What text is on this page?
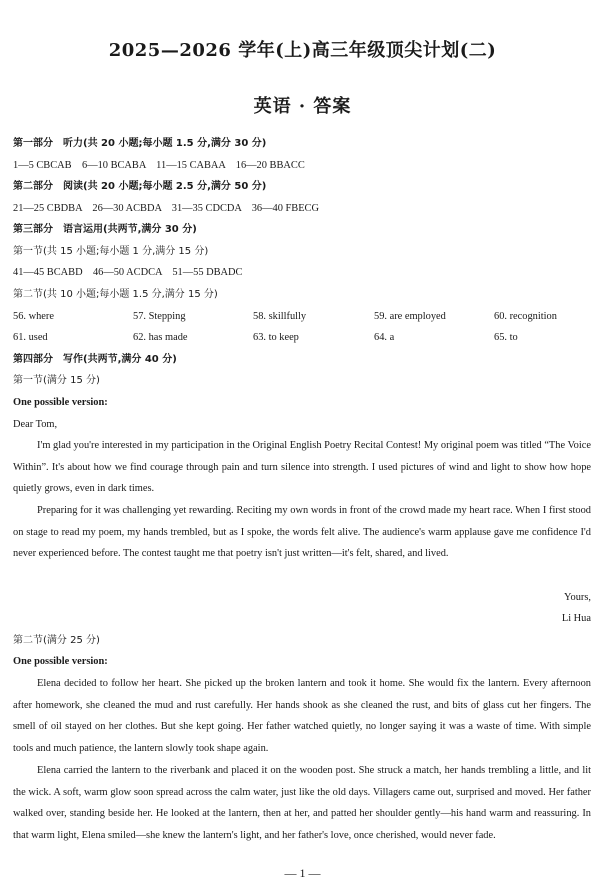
2025—2026 学年(上)高三年级顶尖计划(二)
英语 · 答案
第一部分　听力(共 20 小题;每小题 1.5 分,满分 30 分)
1—5 CBCAB　6—10 BCABA　11—15 CABAA　16—20 BBACC
第二部分　阅读(共 20 小题;每小题 2.5 分,满分 50 分)
21—25 CBDBA　26—30 ACBDA　31—35 CDCDA　36—40 FBECG
第三部分　语言运用(共两节,满分 30 分)
第一节(共 15 小题;每小题 1 分,满分 15 分)
41—45 BCABD　46—50 ACDCA　51—55 DBADC
第二节(共 10 小题;每小题 1.5 分,满分 15 分)
56. where	57. Stepping	58. skillfully	59. are employed	60. recognition
61. used	62. has made	63. to keep	64. a	65. to
第四部分　写作(共两节,满分 40 分)
第一节(满分 15 分)
One possible version:
Dear Tom,
I'm glad you're interested in my participation in the Original English Poetry Recital Contest! My original poem was titled “The Voice Within”. It's about how we find courage through pain and turn silence into strength. I used pictures of wind and light to show how hope quietly grows, even in dark times.
Preparing for it was challenging yet rewarding. Reciting my own words in front of the crowd made my heart race. When I first stood on stage to read my poem, my hands trembled, but as I spoke, the words felt alive. The audience's warm applause gave me confidence I'd never experienced before. The contest taught me that poetry isn't just written—it's felt, shared, and lived.
Yours,
Li Hua
第二节(满分 25 分)
One possible version:
Elena decided to follow her heart. She picked up the broken lantern and took it home. She would fix the lantern. Every afternoon after homework, she cleaned the mud and rust carefully. Her hands shook as she cleaned the rust, and bits of glass cut her fingers. The smell of oil stayed on her clothes. But she kept going. Her father watched quietly, no longer saying it was a waste of time. With simple tools and much patience, the lantern slowly took shape again.
Elena carried the lantern to the riverbank and placed it on the wooden post. She struck a match, her hands trembling a little, and lit the wick. A soft, warm glow soon spread across the calm water, just like the old days. Villagers came out, surprised and moved. Her father walked over, standing beside her. He looked at the lantern, then at her, and patted her shoulder gently—his hand warm and reassuring. In that warm light, Elena smiled—she knew the lantern's light, and her father's love, once cherished, would never fade.
— 1 —
